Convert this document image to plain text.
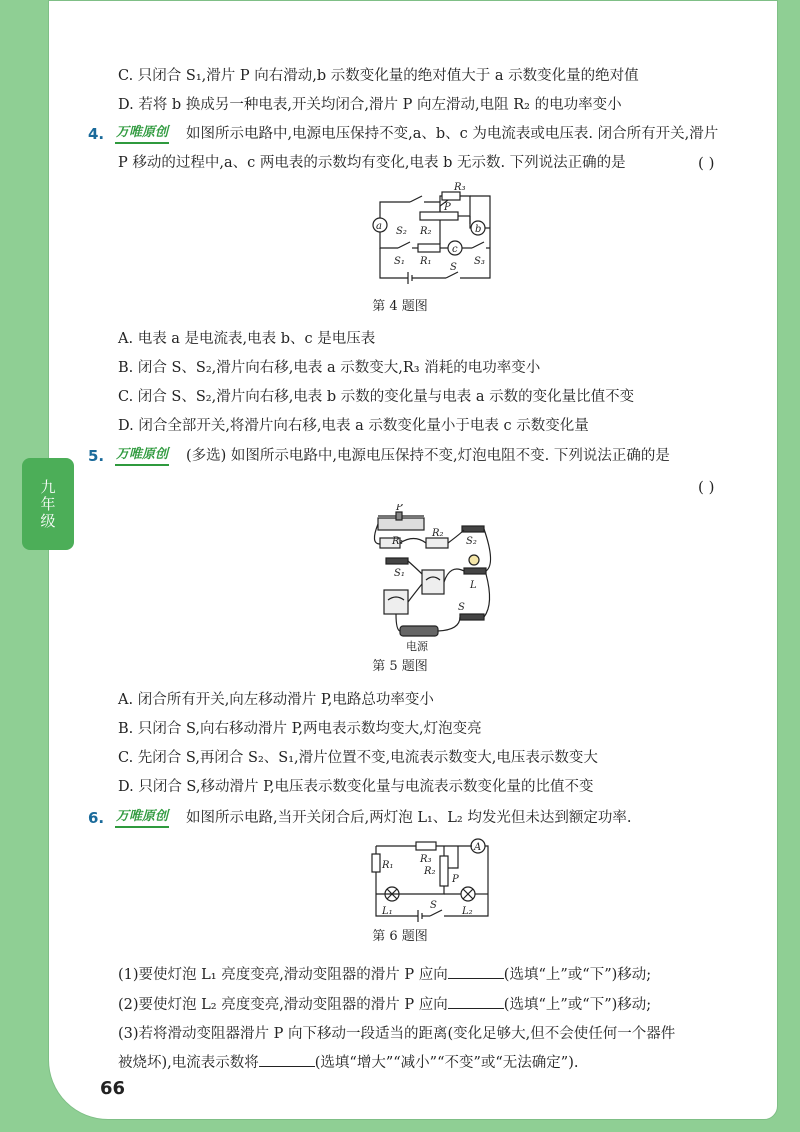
九年级
C. 只闭合 S₁,滑片 P 向右滑动,b 示数变化量的绝对值大于 a 示数变化量的绝对值
D. 若将 b 换成另一种电表,开关均闭合,滑片 P 向左滑动,电阻 R₂ 的电功率变小
4. 万唯原创 如图所示电路中,电源电压保持不变,a、b、c 为电流表或电压表. 闭合所有开关,滑片
P 移动的过程中,a、c 两电表的示数均有变化,电表 b 无示数. 下列说法正确的是	( )
R₃
P
a	b
c
S₂ R₂
S₁ R₁
S
S₃
第 4 题图
A. 电表 a 是电流表,电表 b、c 是电压表
B. 闭合 S、S₂,滑片向右移,电表 a 示数变大,R₃ 消耗的电功率变小
C. 闭合 S、S₂,滑片向右移,电表 b 示数的变化量与电表 a 示数的变化量比值不变
D. 闭合全部开关,将滑片向右移,电表 a 示数变化量小于电表 c 示数变化量
5. 万唯原创 (多选) 如图所示电路中,电源电压保持不变,灯泡电阻不变. 下列说法正确的是
( )
P
R₁
R₂
S₂
S₁
L
S
电源
第 5 题图
A. 闭合所有开关,向左移动滑片 P,电路总功率变小
B. 只闭合 S,向右移动滑片 P,两电表示数均变大,灯泡变亮
C. 先闭合 S,再闭合 S₂、S₁,滑片位置不变,电流表示数变大,电压表示数变大
D. 只闭合 S,移动滑片 P,电压表示数变化量与电流表示数变化量的比值不变
6. 万唯原创 如图所示电路,当开关闭合后,两灯泡 L₁、L₂ 均发光但未达到额定功率.
R₁
R₃
R₂
A
P
L₁
S
L₂
第 6 题图
(1)要使灯泡 L₁ 亮度变亮,滑动变阻器的滑片 P 应向	(选填“上”或“下”)移动;
(2)要使灯泡 L₂ 亮度变亮,滑动变阻器的滑片 P 应向	(选填“上”或“下”)移动;
(3)若将滑动变阻器滑片 P 向下移动一段适当的距离(变化足够大,但不会使任何一个器件
被烧坏),电流表示数将	(选填“增大”“减小”“不变”或“无法确定”).
66
